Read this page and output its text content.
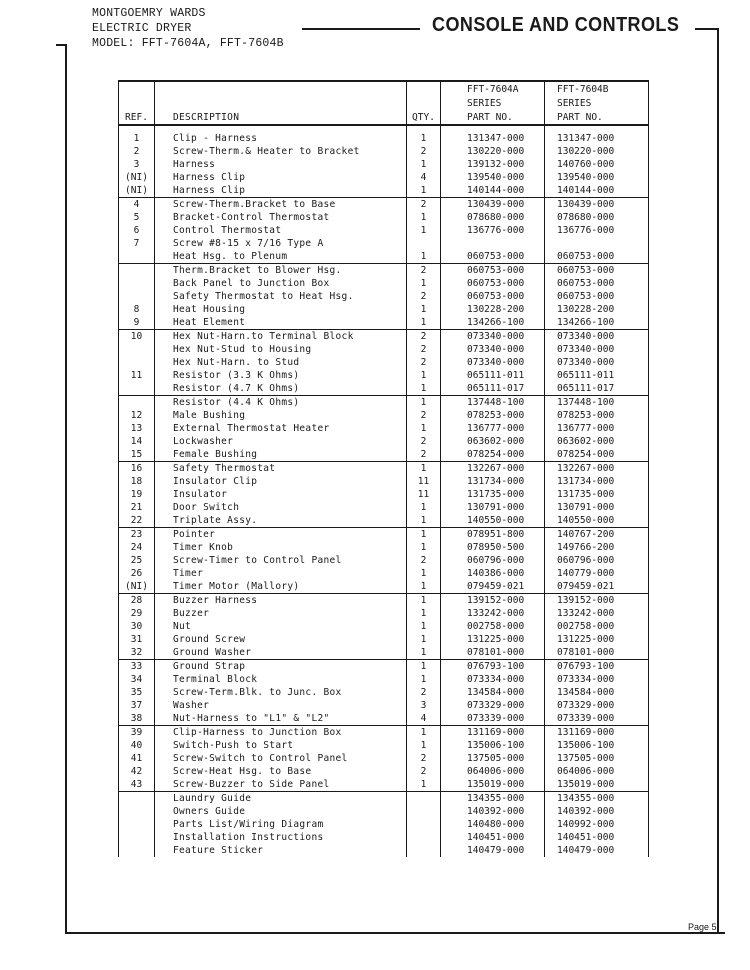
MONTGOEMRY WARDS
ELECTRIC DRYER
MODEL: FFT-7604A, FFT-7604B
CONSOLE AND CONTROLS
			FFT-7604A	FFT-7604B
			SERIES	SERIES
REF.	DESCRIPTION	QTY.	PART NO.	PART NO.

1	Clip - Harness	1	131347-000	131347-000
2	Screw-Therm.& Heater to Bracket	2	130220-000	130220-000
3	Harness	1	139132-000	140760-000
(NI)	Harness Clip	4	139540-000	139540-000
(NI)	Harness Clip	1	140144-000	140144-000
4	Screw-Therm.Bracket to Base	2	130439-000	130439-000
5	Bracket-Control Thermostat	1	078680-000	078680-000
6	Control Thermostat	1	136776-000	136776-000
7	Screw #8-15 x 7/16 Type A			
	Heat Hsg. to Plenum	1	060753-000	060753-000
	Therm.Bracket to Blower Hsg.	2	060753-000	060753-000
	Back Panel to Junction Box	1	060753-000	060753-000
	Safety Thermostat to Heat Hsg.	2	060753-000	060753-000
8	Heat Housing	1	130228-200	130228-200
9	Heat Element	1	134266-100	134266-100
10	Hex Nut-Harn.to Terminal Block	2	073340-000	073340-000
	Hex Nut-Stud to Housing	2	073340-000	073340-000
	Hex Nut-Harn. to Stud	2	073340-000	073340-000
11	Resistor (3.3 K Ohms)	1	065111-011	065111-011
	Resistor (4.7 K Ohms)	1	065111-017	065111-017
	Resistor (4.4 K Ohms)	1	137448-100	137448-100
12	Male Bushing	2	078253-000	078253-000
13	External Thermostat Heater	1	136777-000	136777-000
14	Lockwasher	2	063602-000	063602-000
15	Female Bushing	2	078254-000	078254-000
16	Safety Thermostat	1	132267-000	132267-000
18	Insulator Clip	11	131734-000	131734-000
19	Insulator	11	131735-000	131735-000
21	Door Switch	1	130791-000	130791-000
22	Triplate Assy.	1	140550-000	140550-000
23	Pointer	1	078951-800	140767-200
24	Timer Knob	1	078950-500	149766-200
25	Screw-Timer to Control Panel	2	060796-000	060796-000
26	Timer	1	140386-000	140779-000
(NI)	Timer Motor (Mallory)	1	079459-021	079459-021
28	Buzzer Harness	1	139152-000	139152-000
29	Buzzer	1	133242-000	133242-000
30	Nut	1	002758-000	002758-000
31	Ground Screw	1	131225-000	131225-000
32	Ground Washer	1	078101-000	078101-000
33	Ground Strap	1	076793-100	076793-100
34	Terminal Block	1	073334-000	073334-000
35	Screw-Term.Blk. to Junc. Box	2	134584-000	134584-000
37	Washer	3	073329-000	073329-000
38	Nut-Harness to "L1" & "L2"	4	073339-000	073339-000
39	Clip-Harness to Junction Box	1	131169-000	131169-000
40	Switch-Push to Start	1	135006-100	135006-100
41	Screw-Switch to Control Panel	2	137505-000	137505-000
42	Screw-Heat Hsg. to Base	2	064006-000	064006-000
43	Screw-Buzzer to Side Panel	1	135019-000	135019-000
	Laundry Guide		134355-000	134355-000
	Owners Guide		140392-000	140392-000
	Parts List/Wiring Diagram		140480-000	140992-000
	Installation Instructions		140451-000	140451-000
	Feature Sticker		140479-000	140479-000
Page 5
